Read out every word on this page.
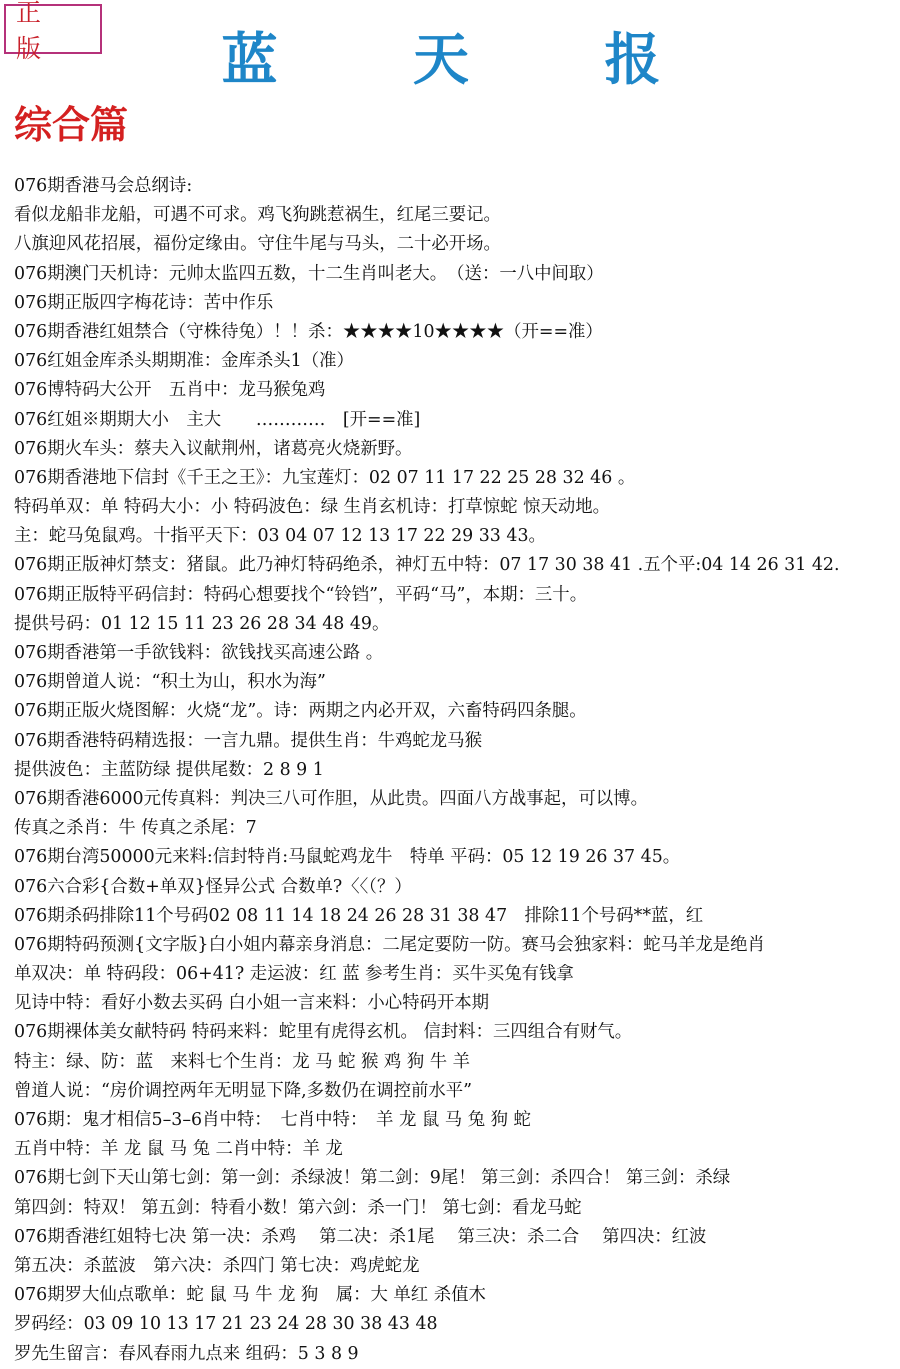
正 版	蓝 天 报
综合篇
076期香港马会总纲诗:
看似龙船非龙船，可遇不可求。鸡飞狗跳惹祸生，红尾三要记。
八旗迎风花招展，福份定缘由。守住牛尾与马头，二十必开场。
076期澳门天机诗：元帅太监四五数，十二生肖叫老大。　（送：一八中间取）
076期正版四字梅花诗：苦中作乐
076期香港红姐禁合（守株待兔）！！杀：★★★★10★★★★（开==准）
076红姐金库杀头期期准：金库杀头1（准）
076博特码大公开　五肖中：龙马猴兔鸡
076红姐※期期大小　主大　　…………　[开==准]
076期火车头：蔡夫入议献荆州，诸葛亮火烧新野。
076期香港地下信封《千王之王》：九宝莲灯：02 07 11 17 22 25 28 32 46 。
特码单双：单 特码大小：小 特码波色：绿 生肖玄机诗：打草惊蛇 惊天动地。
主：蛇马兔鼠鸡。十指平天下：03 04 07 12 13 17 22 29 33 43。
076期正版神灯禁支：猪鼠。此乃神灯特码绝杀，神灯五中特：07 17 30 38 41 .五个平:04 14 26 31 42.
076期正版特平码信封：特码心想要找个“铃铛”，平码“马”，本期：三十。
提供号码：01 12 15 11 23 26 28 34 48 49。
076期香港第一手欲钱料：欲钱找买高速公路 。
076期曾道人说：“积土为山，积水为海”
076期正版火烧图解：火烧“龙”。诗：两期之内必开双，六畜特码四条腿。
076期香港特码精选报：一言九鼎。提供生肖：牛鸡蛇龙马猴
提供波色：主蓝防绿 提供尾数：2 8 9 1
076期香港6000元传真料：判决三八可作胆，从此贵。四面八方战事起，可以博。
传真之杀肖：牛 传真之杀尾：7
076期台湾50000元来料:信封特肖:马鼠蛇鸡龙牛　特单 平码：05 12 19 26 37 45。
076六合彩{合数+单双}怪异公式 合数单?〈〈（？）
076期杀码排除11个号码02 08 11 14 18 24 26 28 31 38 47　排除11个号码**蓝，红
076期特码预测{文字版}白小姐内幕亲身消息：二尾定要防一防。赛马会独家料：蛇马羊龙是绝肖
单双决：单 特码段：06+41? 走运波：红 蓝 参考生肖：买牛买兔有钱拿
见诗中特：看好小数去买码 白小姐一言来料：小心特码开本期
076期裸体美女献特码 特码来料：蛇里有虎得玄机。 信封料：三四组合有财气。
特主：绿、防：蓝　来料七个生肖：龙 马 蛇 猴 鸡 狗 牛 羊
曾道人说：“房价调控两年无明显下降,多数仍在调控前水平”
076期：鬼才相信5–3–6肖中特：　七肖中特：　羊 龙 鼠 马 兔 狗 蛇
五肖中特：羊 龙 鼠 马 兔 二肖中特：羊 龙
076期七剑下天山第七剑：第一剑：杀绿波！第二剑：9尾！ 第三剑：杀四合！ 第三剑：杀绿
第四剑：特双！ 第五剑：特看小数！第六剑：杀一门！ 第七剑：看龙马蛇
076期香港红姐特七决 第一决：杀鸡　 第二决：杀1尾　 第三决：杀二合　 第四决：红波
第五决：杀蓝波　第六决：杀四门 第七决：鸡虎蛇龙
076期罗大仙点歌单：蛇 鼠 马 牛 龙 狗　属：大 单红 杀值木
罗码经：03 09 10 13 17 21 23 24 28 30 38 43 48
罗先生留言：春风春雨九点来 组码：5 3 8 9
